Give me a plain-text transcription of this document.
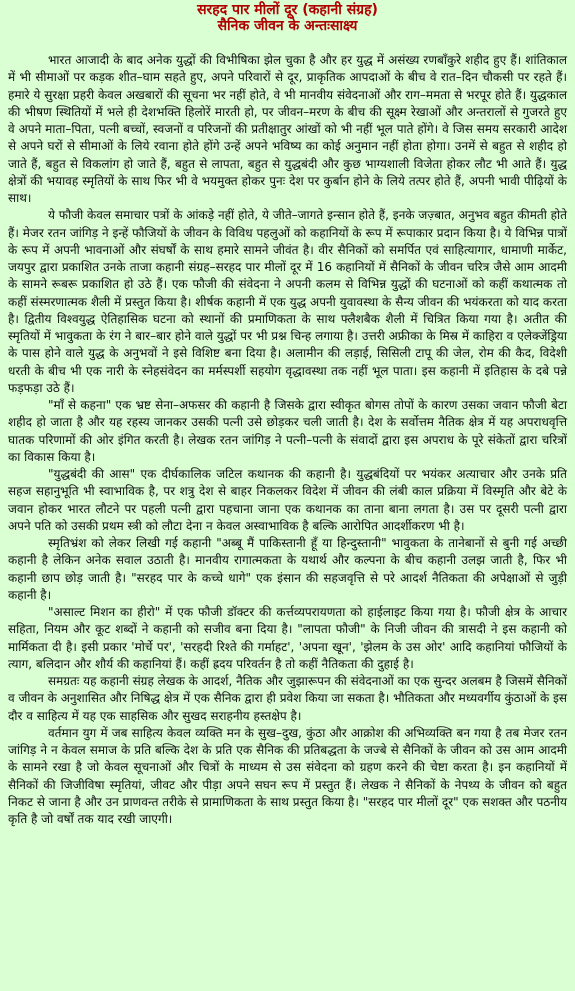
सरहद पार मीलों दूर (कहानी संग्रह)
सैनिक जीवन के अन्तःसाक्ष्य

भारत आजादी के बाद अनेक युद्धों की विभीषिका झेल चुका है और हर युद्ध में असंख्य रणबाँकुरे शहीद हुए हैं। शांतिकाल में भी सीमाओं पर कड़क शीत–घाम सहते हुए, अपने परिवारों से दूर, प्राकृतिक आपदाओं के बीच वे रात–दिन चौकसी पर रहते हैं। हमारे ये सुरक्षा प्रहरी केवल अखबारों की सूचना भर नहीं होते, वे भी मानवीय संवेदनाओं और राग–ममता से भरपूर होते हैं। युद्धकाल की भीषण स्थितियों में भले ही देशभक्ति हिलोरें मारती हो, पर जीवन–मरण के बीच की सूक्ष्म रेखाओं और अन्तरालों से गुजरते हुए वे अपने माता–पिता, पत्नी बच्चों, स्वजनों व परिजनों की प्रतीक्षातुर आंखों को भी नहीं भूल पाते होंगे। वे जिस समय सरकारी आदेश से अपने घरों से सीमाओं के लिये रवाना होते होंगे उन्हें अपने भविष्य का कोई अनुमान नहीं होता होगा। उनमें से बहुत से शहीद हो जाते हैं, बहुत से विकलांग हो जाते हैं, बहुत से लापता, बहुत से युद्धबंदी और कुछ भाग्यशाली विजेता होकर लौट भी आते हैं। युद्ध क्षेत्रों की भयावह स्मृतियों के साथ फिर भी वे भयमुक्त होकर पुनः देश पर कुर्बान होने के लिये तत्पर होते हैं, अपनी भावी पीढ़ियों के साथ।

ये फौजी केवल समाचार पत्रों के आंकड़े नहीं होते, ये जीते–जागते इन्सान होते हैं, इनके जज़्बात, अनुभव बहुत कीमती होते हैं। मेजर रतन जांगिड़ ने इन्हें फौजियों के जीवन के विविध पहलुओं को कहानियों के रूप में रूपाकार प्रदान किया है। ये विभिन्न पात्रों के रूप में अपनी भावनाओं और संघर्षों के साथ हमारे सामने जीवंत है। वीर सैनिकों को समर्पित एवं साहित्यागार, धामाणी मार्केट, जयपुर द्वारा प्रकाशित उनके ताजा कहानी संग्रह–सरहद पार मीलों दूर में 16 कहानियों में सैनिकों के जीवन चरित्र जैसे आम आदमी के सामने रूबरू प्रकाशित हो उठे हैं। एक फौजी की संवेदना ने अपनी कलम से विभिन्न युद्धों की घटनाओं को कहीं कथात्मक तो कहीं संस्मरणात्मक शैली में प्रस्तुत किया है। शीर्षक कहानी में एक युद्ध अपनी युवावस्था के सैन्य जीवन की भयंकरता को याद करता है। द्वितीय विश्वयुद्ध ऐतिहासिक घटना को स्थानों की प्रमाणिकता के साथ फ्लैशबैक शैली में चित्रित किया गया है। अतीत की स्मृतियों में भावुकता के रंग ने बार–बार होने वाले युद्धों पर भी प्रश्न चिन्ह लगाया है। उत्तरी अफ्रीका के मिस्र में काहिरा व एलेक्जेंड्रिया के पास होने वाले युद्ध के अनुभवों ने इसे विशिष्ट बना दिया है। अलामीन की लड़ाई, सिसिली टापू की जेल, रोम की कैद, विदेशी धरती के बीच भी एक नारी के स्नेहसंवेदन का मर्मस्पर्शी सहयोग वृद्धावस्था तक नहीं भूल पाता। इस कहानी में इतिहास के दबे पन्ने फड़फड़ा उठे हैं।

"माँ से कहना" एक भ्रष्ट सेना–अफसर की कहानी है जिसके द्वारा स्वीकृत बोगस तोपों के कारण उसका जवान फौजी बेटा शहीद हो जाता है और यह रहस्य जानकर उसकी पत्नी उसे छोड़कर चली जाती है। देश के सर्वोत्तम नैतिक क्षेत्र में यह अपराधवृत्ति घातक परिणामों की ओर इंगित करती है। लेखक रतन जांगिड़ ने पत्नी–पत्नी के संवादों द्वारा इस अपराध के पूरे संकेतों द्वारा चरित्रों का विकास किया है।

"युद्धबंदी की आस" एक दीर्घकालिक जटिल कथानक की कहानी है। युद्धबंदियों पर भयंकर अत्याचार और उनके प्रति सहज सहानुभूति भी स्वाभाविक है, पर शत्रु देश से बाहर निकलकर विदेश में जीवन की लंबी काल प्रक्रिया में विस्मृति और बेटे के जवान होकर भारत लौटने पर पहली पत्नी द्वारा पहचाना जाना एक कथानक का ताना बाना लगता है। उस पर दूसरी पत्नी द्वारा अपने पति को उसकी प्रथम स्त्री को लौटा देना न केवल अस्वाभाविक है बल्कि आरोपित आदर्शीकरण भी है।

स्मृतिभ्रंश को लेकर लिखी गई कहानी "अब्बू मैं पाकिस्तानी हूँ या हिन्दुस्तानी" भावुकता के तानेबानों से बुनी गई अच्छी कहानी है लेकिन अनेक सवाल उठाती है। मानवीय रागात्मकता के यथार्थ और कल्पना के बीच कहानी उलझ जाती है, फिर भी कहानी छाप छोड़ जाती है। "सरहद पार के कच्चे धागे" एक इंसान की सहजवृत्ति से परे आदर्श नैतिकता की अपेक्षाओं से जुड़ी कहानी है।

"असाल्ट मिशन का हीरो" में एक फौजी डॉक्टर की कर्त्तव्यपरायणता को हाईलाइट किया गया है। फौजी क्षेत्र के आचार सहिता, नियम और कूट शब्दों ने कहानी को सजीव बना दिया है। "लापता फौजी" के निजी जीवन की त्रासदी ने इस कहानी को मार्मिकता दी है। इसी प्रकार 'मोर्चे पर', 'सरहदी रिश्ते की गर्माहट', 'अपना खून', 'झेलम के उस ओर' आदि कहानियां फौजियों के त्याग, बलिदान और शौर्य की कहानियां हैं। कहीं ह्रदय परिवर्तन है तो कहीं नैतिकता की दुहाई है।

समग्रतः यह कहानी संग्रह लेखक के आदर्श, नैतिक और जुझारूपन की संवेदनाओं का एक सुन्दर अलबम है जिसमें सैनिकों व जीवन के अनुशासित और निषिद्ध क्षेत्र में एक सैनिक द्वारा ही प्रवेश किया जा सकता है। भौतिकता और मध्यवर्गीय कुंठाओं के इस दौर व साहित्य में यह एक साहसिक और सुखद सराहनीय हस्तक्षेप है।

वर्तमान युग में जब साहित्य केवल व्यक्ति मन के सुख–दुख, कुंठा और आक्रोश की अभिव्यक्ति बन गया है तब मेजर रतन जांगिड़ ने न केवल समाज के प्रति बल्कि देश के प्रति एक सैनिक की प्रतिबद्धता के जज्बे से सैनिकों के जीवन को उस आम आदमी के सामने रखा है जो केवल सूचनाओं और चित्रों के माध्यम से उस संवेदना को ग्रहण करने की चेष्टा करता है। इन कहानियों में सैनिकों की जिजीविषा स्मृतियां, जीवट और पीड़ा अपने सघन रूप में प्रस्तुत हैं। लेखक ने सैनिकों के नेपथ्य के जीवन को बहुत निकट से जाना है और उन प्राणवन्त तरीके से प्रामाणिकता के साथ प्रस्तुत किया है। "सरहद पार मीलों दूर" एक सशक्त और पठनीय कृति है जो वर्षों तक याद रखी जाएगी।
